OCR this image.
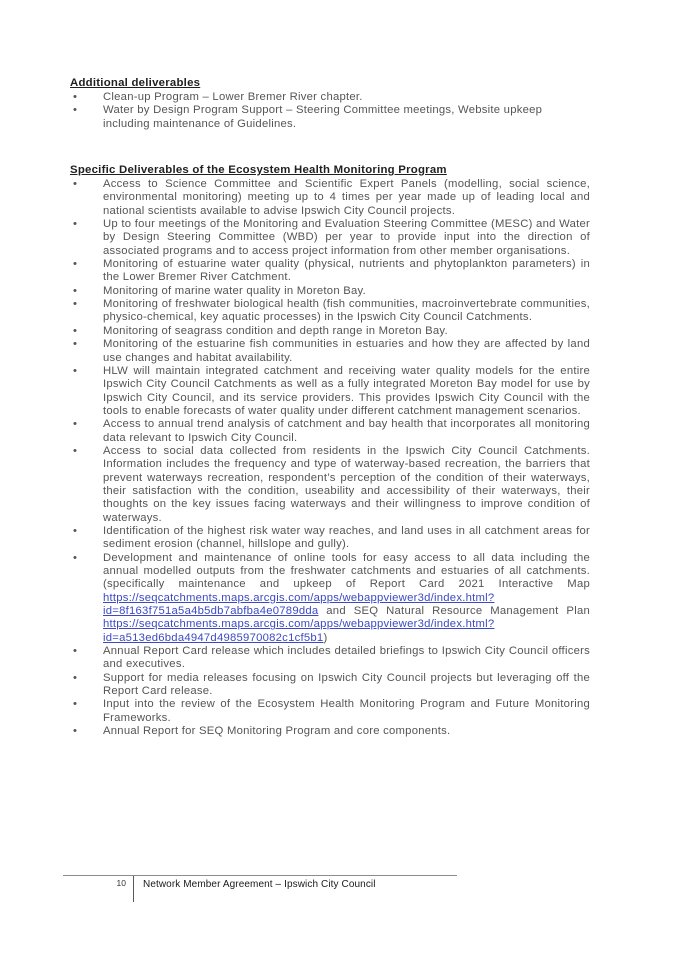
Additional deliverables
•	Clean-up Program – Lower Bremer River chapter.
•	Water by Design Program Support – Steering Committee meetings, Website upkeep including maintenance of Guidelines.
Specific Deliverables of the Ecosystem Health Monitoring Program
•	Access to Science Committee and Scientific Expert Panels (modelling, social science, environmental monitoring) meeting up to 4 times per year made up of leading local and national scientists available to advise Ipswich City Council projects.
•	Up to four meetings of the Monitoring and Evaluation Steering Committee (MESC) and Water by Design Steering Committee (WBD) per year to provide input into the direction of associated programs and to access project information from other member organisations.
•	Monitoring of estuarine water quality (physical, nutrients and phytoplankton parameters) in the Lower Bremer River Catchment.
•	Monitoring of marine water quality in Moreton Bay.
•	Monitoring of freshwater biological health (fish communities, macroinvertebrate communities, physico-chemical, key aquatic processes) in the Ipswich City Council Catchments.
•	Monitoring of seagrass condition and depth range in Moreton Bay.
•	Monitoring of the estuarine fish communities in estuaries and how they are affected by land use changes and habitat availability.
•	HLW will maintain integrated catchment and receiving water quality models for the entire Ipswich City Council Catchments as well as a fully integrated Moreton Bay model for use by Ipswich City Council, and its service providers. This provides Ipswich City Council with the tools to enable forecasts of water quality under different catchment management scenarios.
•	Access to annual trend analysis of catchment and bay health that incorporates all monitoring data relevant to Ipswich City Council.
•	Access to social data collected from residents in the Ipswich City Council Catchments. Information includes the frequency and type of waterway-based recreation, the barriers that prevent waterways recreation, respondent’s perception of the condition of their waterways, their satisfaction with the condition, useability and accessibility of their waterways, their thoughts on the key issues facing waterways and their willingness to improve condition of waterways.
•	Identification of the highest risk water way reaches, and land uses in all catchment areas for sediment erosion (channel, hillslope and gully).
•	Development and maintenance of online tools for easy access to all data including the annual modelled outputs from the freshwater catchments and estuaries of all catchments. (specifically maintenance and upkeep of Report Card 2021 Interactive Map https://seqcatchments.maps.arcgis.com/apps/webappviewer3d/index.html?id=8f163f751a5a4b5db7abfba4e0789dda and SEQ Natural Resource Management Plan https://seqcatchments.maps.arcgis.com/apps/webappviewer3d/index.html?id=a513ed6bda4947d4985970082c1cf5b1)
•	Annual Report Card release which includes detailed briefings to Ipswich City Council officers and executives.
•	Support for media releases focusing on Ipswich City Council projects but leveraging off the Report Card release.
•	Input into the review of the Ecosystem Health Monitoring Program and Future Monitoring Frameworks.
•	Annual Report for SEQ Monitoring Program and core components.
10	Network Member Agreement – Ipswich City Council
